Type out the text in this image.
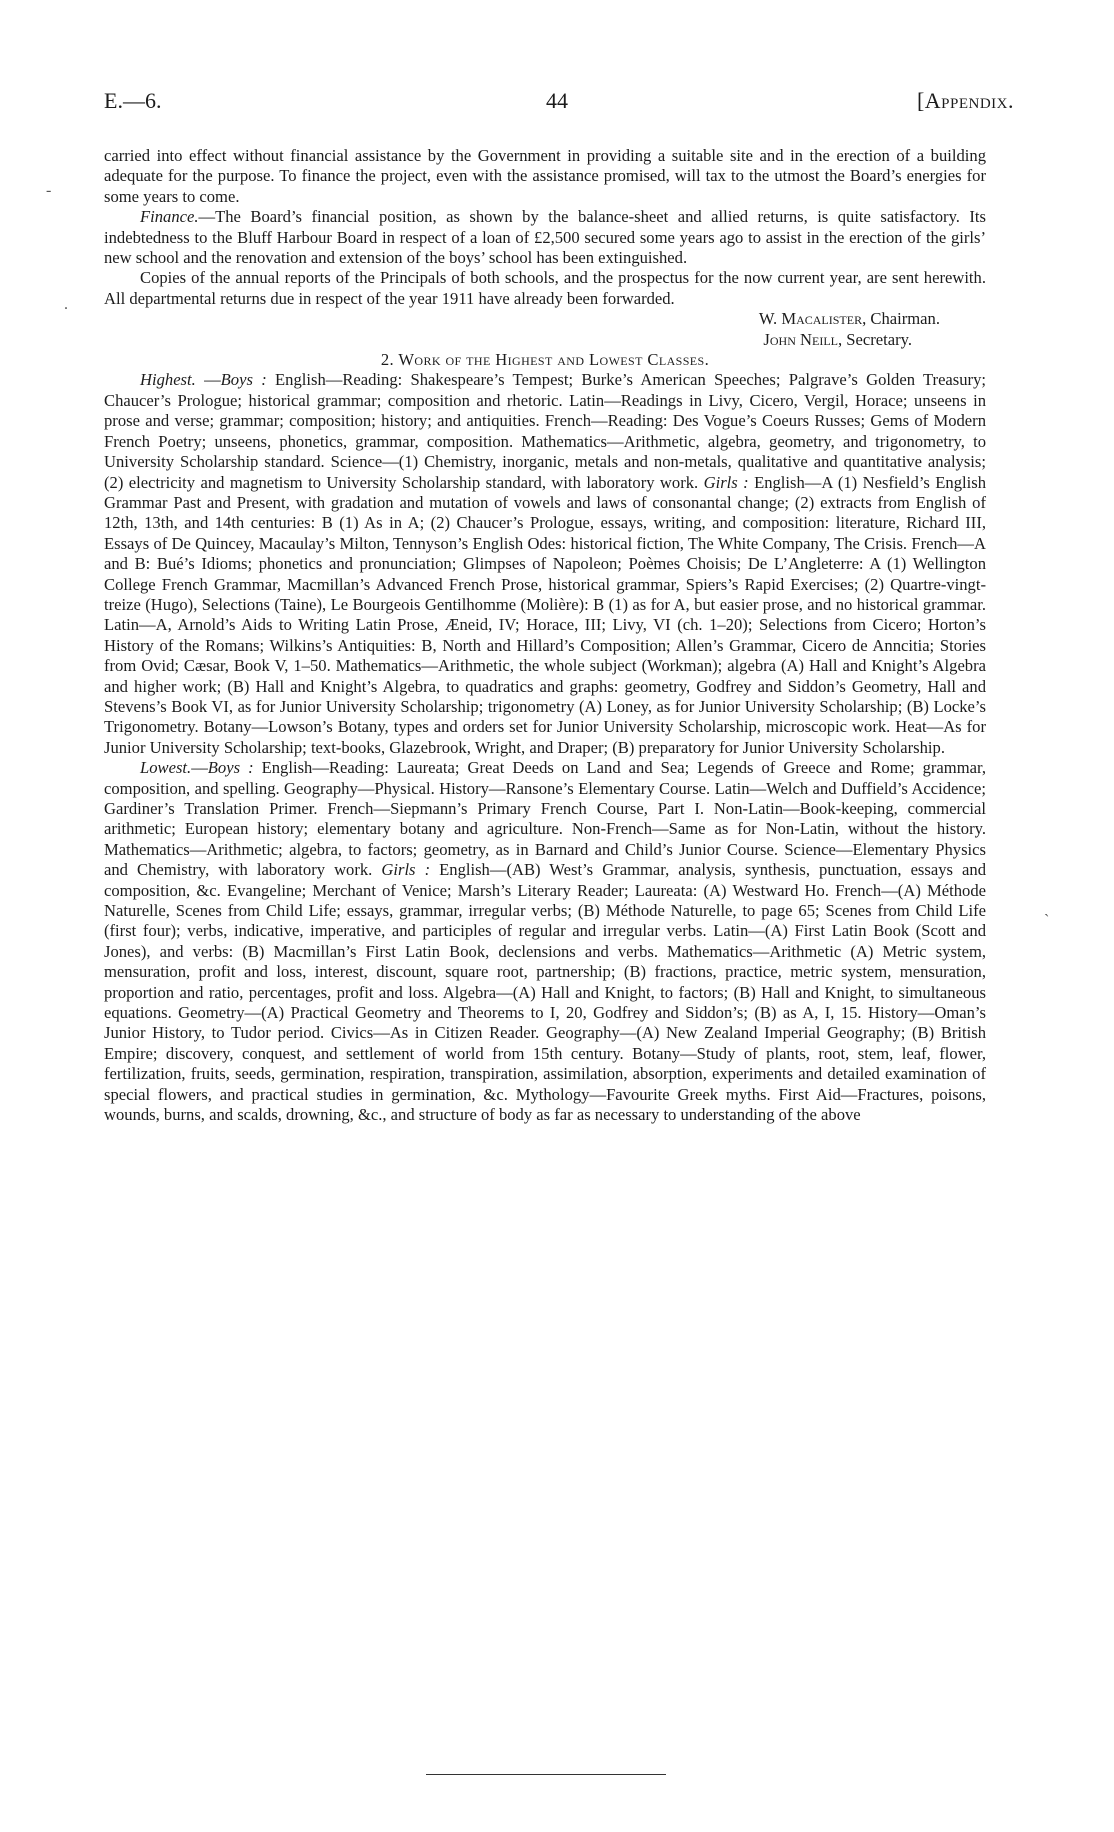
E.—6.	44	[Appendix.
-
.
`

carried into effect without financial assistance by the Government in providing a suitable site and in the erection of a building adequate for the purpose. To finance the project, even with the assistance promised, will tax to the utmost the Board’s energies for some years to come.

Finance.—The Board’s financial position, as shown by the balance-sheet and allied returns, is quite satisfactory. Its indebtedness to the Bluff Harbour Board in respect of a loan of £2,500 secured some years ago to assist in the erection of the girls’ new school and the renovation and extension of the boys’ school has been extinguished.

Copies of the annual reports of the Principals of both schools, and the prospectus for the now current year, are sent herewith. All departmental returns due in respect of the year 1911 have already been forwarded.

W. Macalister, Chairman.

John Neill, Secretary.

2. Work of the Highest and Lowest Classes.

Highest. —Boys : English—Reading: Shakespeare’s Tempest; Burke’s American Speeches; Palgrave’s Golden Treasury; Chaucer’s Prologue; historical grammar; composition and rhetoric. Latin—Readings in Livy, Cicero, Vergil, Horace; unseens in prose and verse; grammar; composition; history; and antiquities. French—Reading: Des Vogue’s Coeurs Russes; Gems of Modern French Poetry; unseens, phonetics, grammar, composition. Mathematics—Arithmetic, algebra, geometry, and trigonometry, to University Scholarship standard. Science—(1) Chemistry, inorganic, metals and non-metals, qualitative and quantitative analysis; (2) electricity and magnetism to University Scholarship standard, with laboratory work. Girls : English—A (1) Nesfield’s English Grammar Past and Present, with gradation and mutation of vowels and laws of consonantal change; (2) extracts from English of 12th, 13th, and 14th centuries: B (1) As in A; (2) Chaucer’s Prologue, essays, writing, and composition: literature, Richard III, Essays of De Quincey, Macaulay’s Milton, Tennyson’s English Odes: historical fiction, The White Company, The Crisis. French—A and B: Bué’s Idioms; phonetics and pronunciation; Glimpses of Napoleon; Poèmes Choisis; De L’Angleterre: A (1) Wellington College French Grammar, Macmillan’s Advanced French Prose, historical grammar, Spiers’s Rapid Exercises; (2) Quartre-vingt-treize (Hugo), Selections (Taine), Le Bourgeois Gentilhomme (Molière): B (1) as for A, but easier prose, and no historical grammar. Latin—A, Arnold’s Aids to Writing Latin Prose, Æneid, IV; Horace, III; Livy, VI (ch. 1–20); Selections from Cicero; Horton’s History of the Romans; Wilkins’s Antiquities: B, North and Hillard’s Composition; Allen’s Grammar, Cicero de Anncitia; Stories from Ovid; Cæsar, Book V, 1–50. Mathematics—Arithmetic, the whole subject (Workman); algebra (A) Hall and Knight’s Algebra and higher work; (B) Hall and Knight’s Algebra, to quadratics and graphs: geometry, Godfrey and Siddon’s Geometry, Hall and Stevens’s Book VI, as for Junior University Scholarship; trigonometry (A) Loney, as for Junior University Scholarship; (B) Locke’s Trigonometry. Botany—Lowson’s Botany, types and orders set for Junior University Scholarship, microscopic work. Heat—As for Junior University Scholarship; text-books, Glazebrook, Wright, and Draper; (B) preparatory for Junior University Scholarship.

Lowest.—Boys : English—Reading: Laureata; Great Deeds on Land and Sea; Legends of Greece and Rome; grammar, composition, and spelling. Geography—Physical. History—Ransone’s Elementary Course. Latin—Welch and Duffield’s Accidence; Gardiner’s Translation Primer. French—Siepmann’s Primary French Course, Part I. Non-Latin—Book-keeping, commercial arithmetic; European history; elementary botany and agriculture. Non-French—Same as for Non-Latin, without the history. Mathematics—Arithmetic; algebra, to factors; geometry, as in Barnard and Child’s Junior Course. Science—Elementary Physics and Chemistry, with laboratory work. Girls : English—(AB) West’s Grammar, analysis, synthesis, punctuation, essays and composition, &c. Evangeline; Merchant of Venice; Marsh’s Literary Reader; Laureata: (A) Westward Ho. French—(A) Méthode Naturelle, Scenes from Child Life; essays, grammar, irregular verbs; (B) Méthode Naturelle, to page 65; Scenes from Child Life (first four); verbs, indicative, imperative, and participles of regular and irregular verbs. Latin—(A) First Latin Book (Scott and Jones), and verbs: (B) Macmillan’s First Latin Book, declensions and verbs. Mathematics—Arithmetic (A) Metric system, mensuration, profit and loss, interest, discount, square root, partnership; (B) fractions, practice, metric system, mensuration, proportion and ratio, percentages, profit and loss. Algebra—(A) Hall and Knight, to factors; (B) Hall and Knight, to simultaneous equations. Geometry—(A) Practical Geometry and Theorems to I, 20, Godfrey and Siddon’s; (B) as A, I, 15. History—Oman’s Junior History, to Tudor period. Civics—As in Citizen Reader. Geography—(A) New Zealand Imperial Geography; (B) British Empire; discovery, conquest, and settlement of world from 15th century. Botany—Study of plants, root, stem, leaf, flower, fertilization, fruits, seeds, germination, respiration, transpiration, assimilation, absorption, experiments and detailed examination of special flowers, and practical studies in germination, &c. Mythology—Favourite Greek myths. First Aid—Fractures, poisons, wounds, burns, and scalds, drowning, &c., and structure of body as far as necessary to understanding of the above
